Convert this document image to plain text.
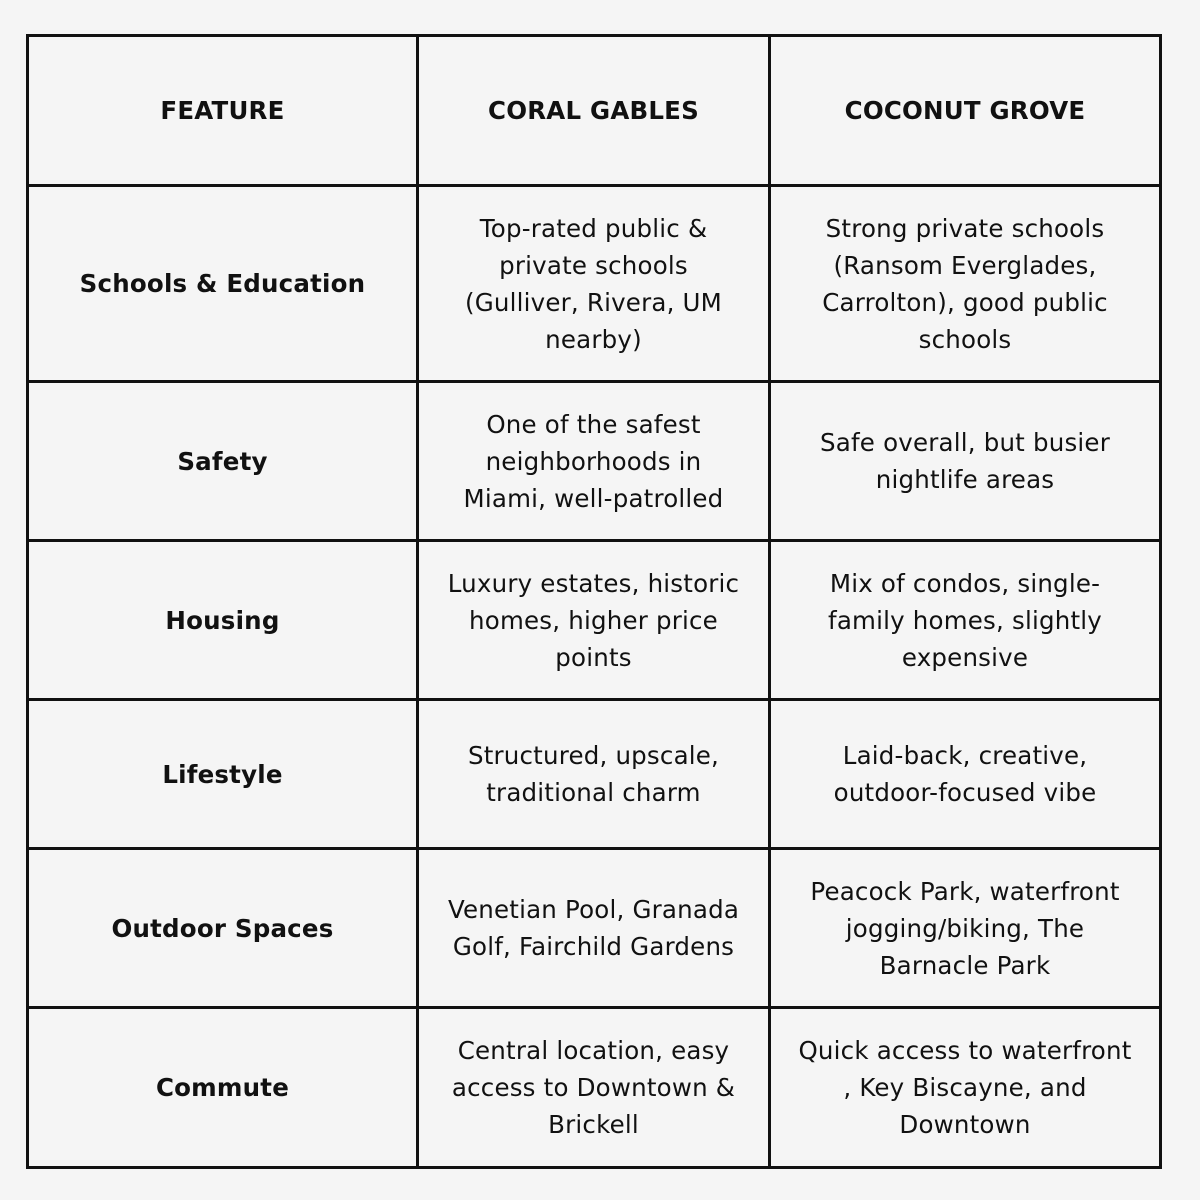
FEATURE	CORAL GABLES	COCONUT GROVE
Schools & Education	Top-rated public & private schools (Gulliver, Rivera, UM nearby)	Strong private schools (Ransom Everglades, Carrolton), good public schools
Safety	One of the safest neighborhoods in Miami, well-patrolled	Safe overall, but busier nightlife areas
Housing	Luxury estates, historic homes, higher price points	Mix of condos, single-family homes, slightly expensive
Lifestyle	Structured, upscale, traditional charm	Laid-back, creative, outdoor-focused vibe
Outdoor Spaces	Venetian Pool, Granada Golf, Fairchild Gardens	Peacock Park, waterfront jogging/biking, The Barnacle Park
Commute	Central location, easy access to Downtown & Brickell	Quick access to waterfront , Key Biscayne, and Downtown
